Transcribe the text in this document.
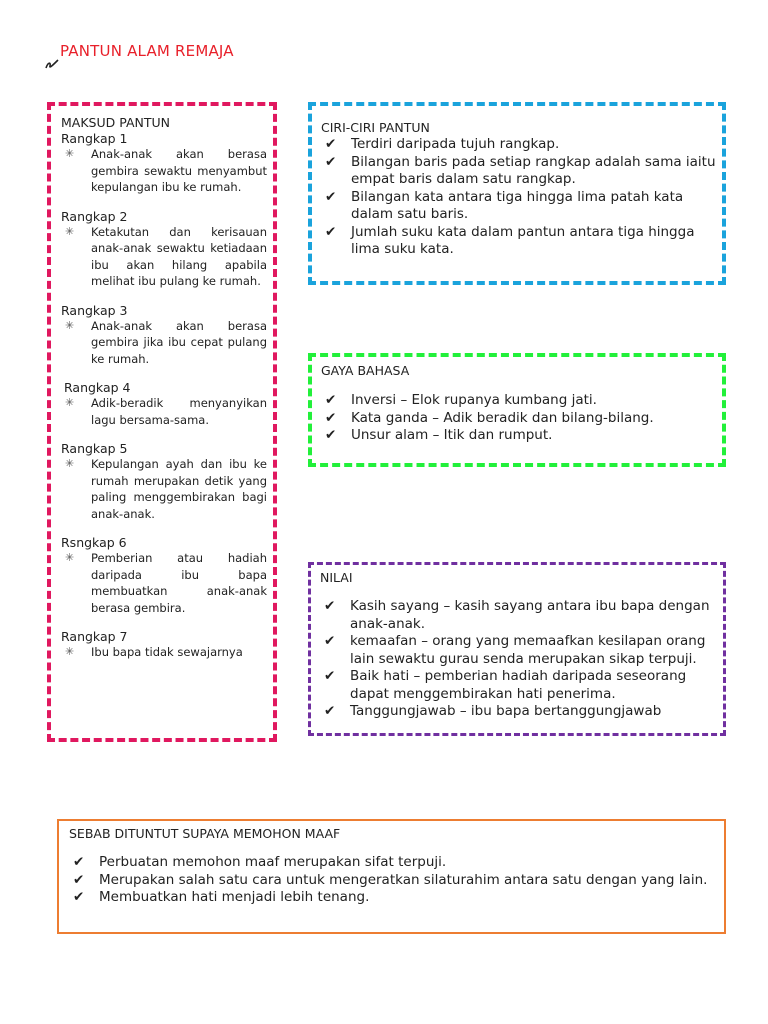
PANTUN ALAM REMAJA
MAKSUD PANTUN
Rangkap 1
✳	Anak-anak akan berasa gembira sewaktu menyambut kepulangan ibu ke rumah.
Rangkap 2
✳	Ketakutan dan kerisauan anak-anak sewaktu ketiadaan ibu akan hilang apabila melihat ibu pulang ke rumah.
Rangkap 3
✳	Anak-anak akan berasa gembira jika ibu cepat pulang ke rumah.
Rangkap 4
✳	Adik-beradik menyanyikan lagu bersama-sama.
Rangkap 5
✳	Kepulangan ayah dan ibu ke rumah merupakan detik yang paling menggembirakan bagi anak-anak.
Rsngkap 6
✳	Pemberian atau hadiah daripada ibu bapa membuatkan anak-anak berasa gembira.
Rangkap 7
✳	Ibu bapa tidak sewajarnya
CIRI-CIRI PANTUN
✔	Terdiri daripada tujuh rangkap.
✔	Bilangan baris pada setiap rangkap adalah sama iaitu empat baris dalam satu rangkap.
✔	Bilangan kata antara tiga hingga lima patah kata dalam satu baris.
✔	Jumlah suku kata dalam pantun antara tiga hingga lima suku kata.
GAYA BAHASA
✔	Inversi – Elok rupanya kumbang jati.
✔	Kata ganda – Adik beradik dan bilang-bilang.
✔	Unsur alam – Itik dan rumput.
NILAI
✔	Kasih sayang – kasih sayang antara ibu bapa dengan anak-anak.
✔	kemaafan – orang yang memaafkan kesilapan orang lain sewaktu gurau senda merupakan sikap terpuji.
✔	Baik hati – pemberian hadiah daripada seseorang dapat menggembirakan hati penerima.
✔	Tanggungjawab – ibu bapa bertanggungjawab
SEBAB DITUNTUT SUPAYA MEMOHON MAAF
✔	Perbuatan memohon maaf merupakan sifat terpuji.
✔	Merupakan salah satu cara untuk mengeratkan silaturahim antara satu dengan yang lain.
✔	Membuatkan hati menjadi lebih tenang.
